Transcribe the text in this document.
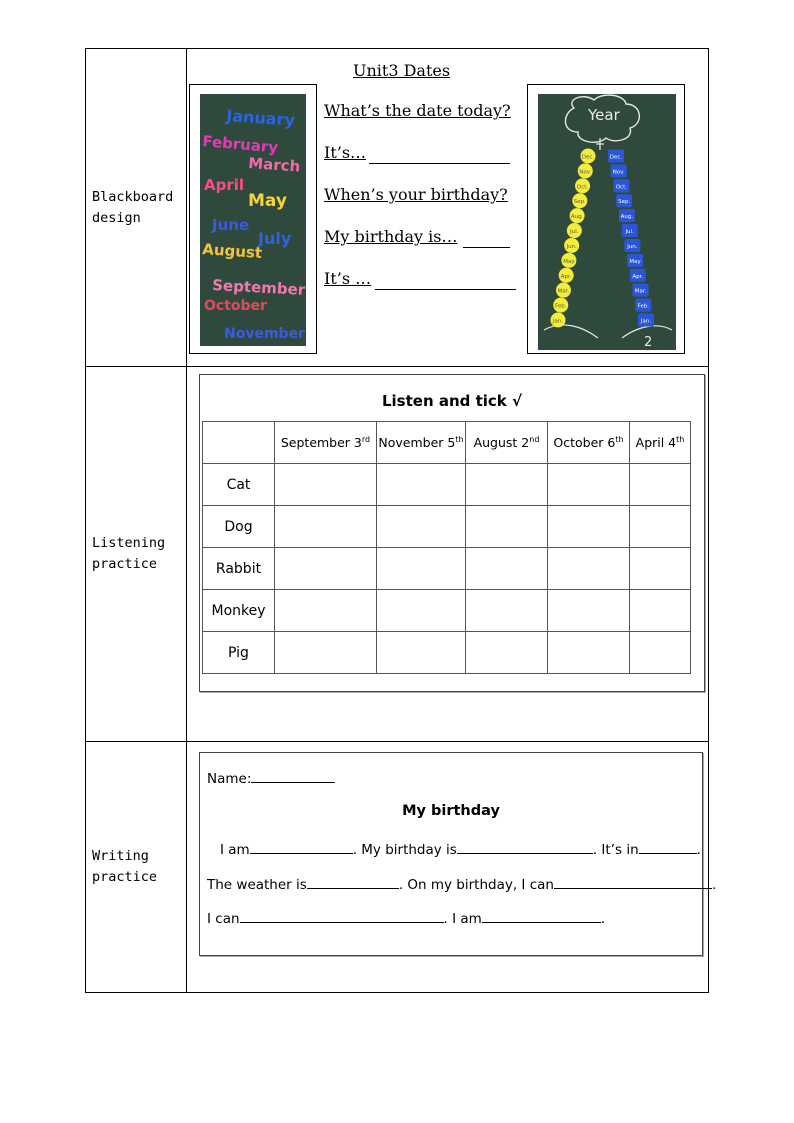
Blackboard design	
Unit3 Dates
January
February
March
April
May
June
July
August
September
October
November
What’s the date today?
It’s…
When’s your birthday?
My birthday is…
It’s …
Year
Dec.
Nov.
Oct.
Sep.
Aug.
Jul.
Jun.
May
Apr.
Mar.
Feb.
Jan.
Dec.
Nov.
Oct.
Sep.
Aug.
Jul.
Jun.
May
Apr.
Mar.
Feb.
Jan.
2

Listening practice	
Listen and tick √
	September 3rd	November 5th	August 2nd	October 6th	April 4th
Cat					
Dog					
Rabbit					
Monkey					
Pig					

Writing practice	
Name:
My birthday
I am	. My birthday is	. It’s in	.
The weather is	. On my birthday, I can	.
I can	. I am	.
